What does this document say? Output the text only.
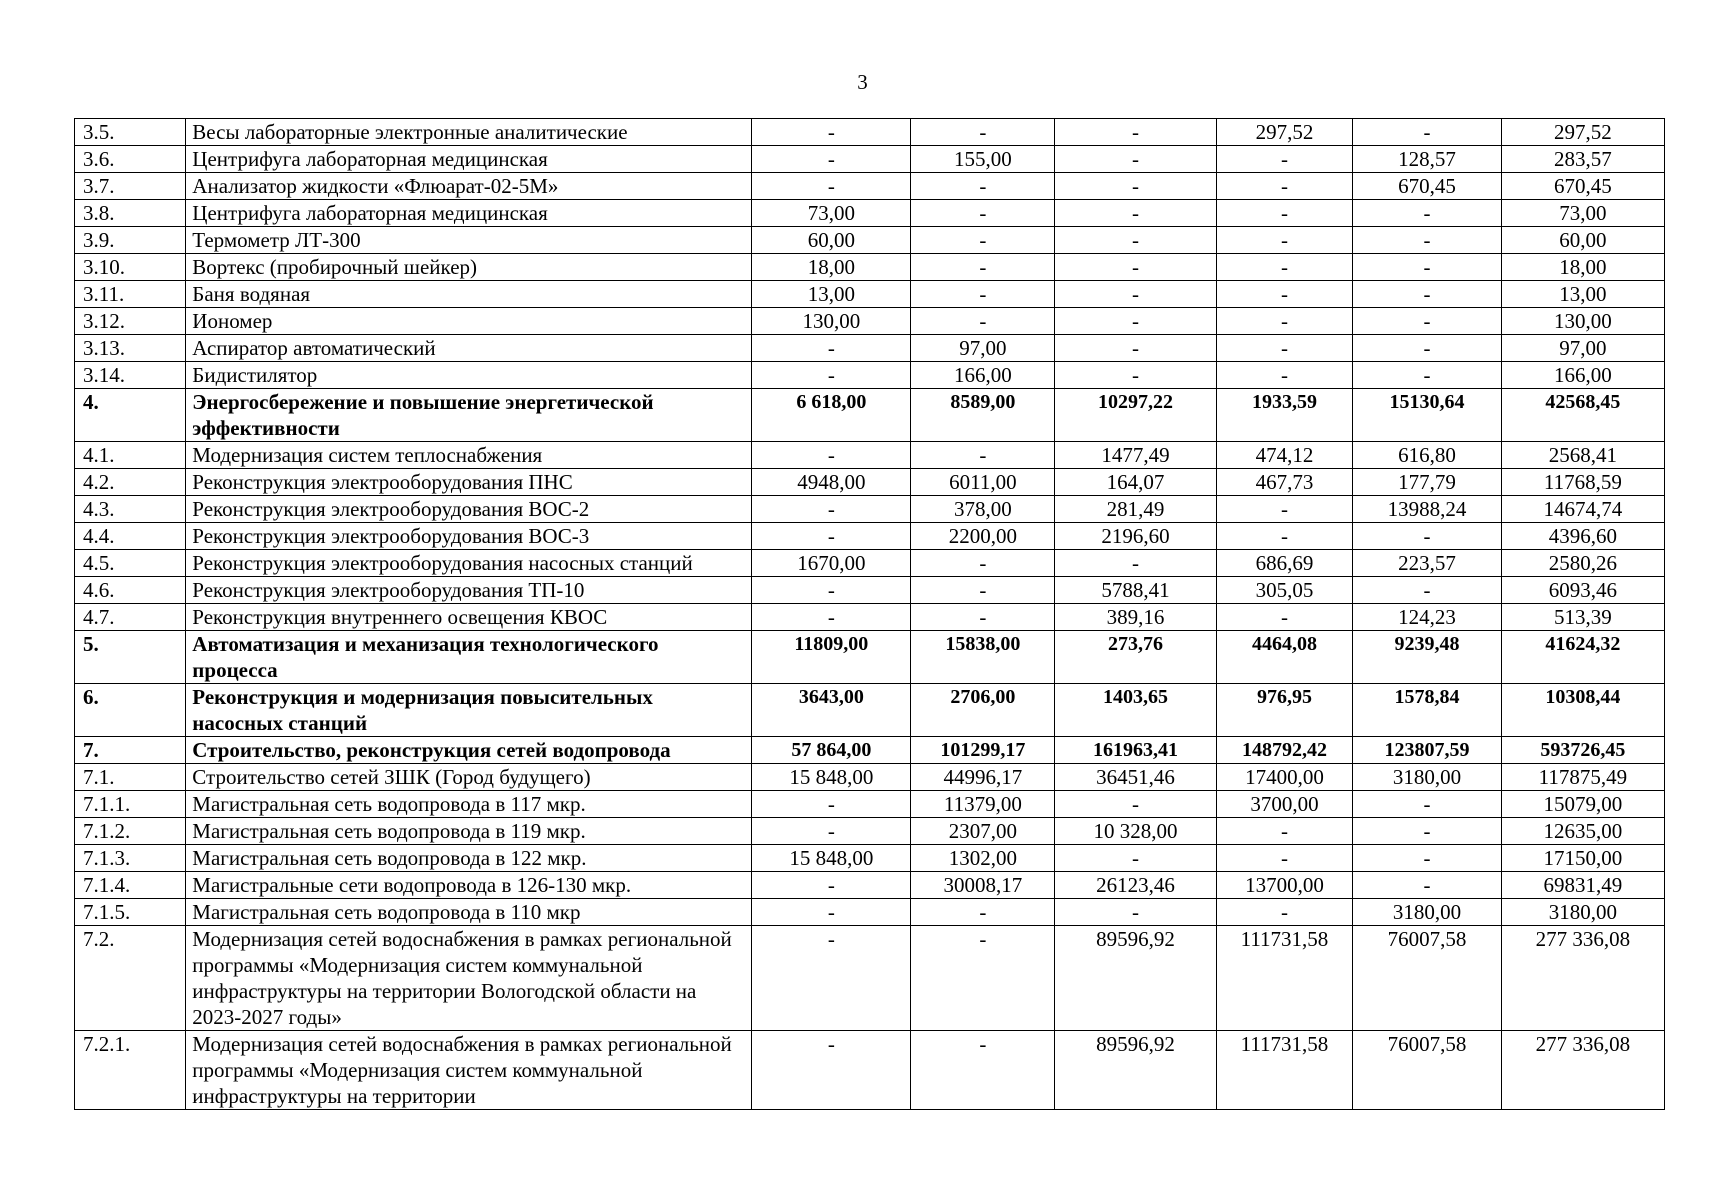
3
3.5.	Весы лабораторные электронные аналитические	-	-	-	297,52	-	297,52
3.6.	Центрифуга лабораторная медицинская	-	155,00	-	-	128,57	283,57
3.7.	Анализатор жидкости «Флюарат-02-5М»	-	-	-	-	670,45	670,45
3.8.	Центрифуга лабораторная медицинская	73,00	-	-	-	-	73,00
3.9.	Термометр ЛТ-300	60,00	-	-	-	-	60,00
3.10.	Вортекс (пробирочный шейкер)	18,00	-	-	-	-	18,00
3.11.	Баня водяная	13,00	-	-	-	-	13,00
3.12.	Иономер	130,00	-	-	-	-	130,00
3.13.	Аспиратор автоматический	-	97,00	-	-	-	97,00
3.14.	Бидистилятор	-	166,00	-	-	-	166,00
4.	Энергосбережение и повышение энергетической эффективности	6 618,00	8589,00	10297,22	1933,59	15130,64	42568,45
4.1.	Модернизация систем теплоснабжения	-	-	1477,49	474,12	616,80	2568,41
4.2.	Реконструкция электрооборудования ПНС	4948,00	6011,00	164,07	467,73	177,79	11768,59
4.3.	Реконструкция электрооборудования ВОС-2	-	378,00	281,49	-	13988,24	14674,74
4.4.	Реконструкция электрооборудования ВОС-3	-	2200,00	2196,60	-	-	4396,60
4.5.	Реконструкция электрооборудования насосных станций	1670,00	-	-	686,69	223,57	2580,26
4.6.	Реконструкция электрооборудования ТП-10	-	-	5788,41	305,05	-	6093,46
4.7.	Реконструкция внутреннего освещения КВОС	-	-	389,16	-	124,23	513,39
5.	Автоматизация и механизация технологического процесса	11809,00	15838,00	273,76	4464,08	9239,48	41624,32
6.	Реконструкция и модернизация повысительных насосных станций	3643,00	2706,00	1403,65	976,95	1578,84	10308,44
7.	Строительство, реконструкция сетей водопровода	57 864,00	101299,17	161963,41	148792,42	123807,59	593726,45
7.1.	Строительство сетей ЗШК (Город будущего)	15 848,00	44996,17	36451,46	17400,00	3180,00	117875,49
7.1.1.	Магистральная сеть водопровода в 117 мкр.	-	11379,00	-	3700,00	-	15079,00
7.1.2.	Магистральная сеть водопровода в 119 мкр.	-	2307,00	10 328,00	-	-	12635,00
7.1.3.	Магистральная сеть водопровода в 122 мкр.	15 848,00	1302,00	-	-	-	17150,00
7.1.4.	Магистральные сети водопровода в 126-130 мкр.	-	30008,17	26123,46	13700,00	-	69831,49
7.1.5.	Магистральная сеть водопровода в 110 мкр	-	-	-	-	3180,00	3180,00
7.2.	Модернизация сетей водоснабжения в рамках региональной программы «Модернизация систем коммунальной инфраструктуры на территории Вологодской области на 2023-2027 годы»	-	-	89596,92	111731,58	76007,58	277 336,08
7.2.1.	Модернизация сетей водоснабжения в рамках региональной программы «Модернизация систем коммунальной инфраструктуры на территории	-	-	89596,92	111731,58	76007,58	277 336,08
